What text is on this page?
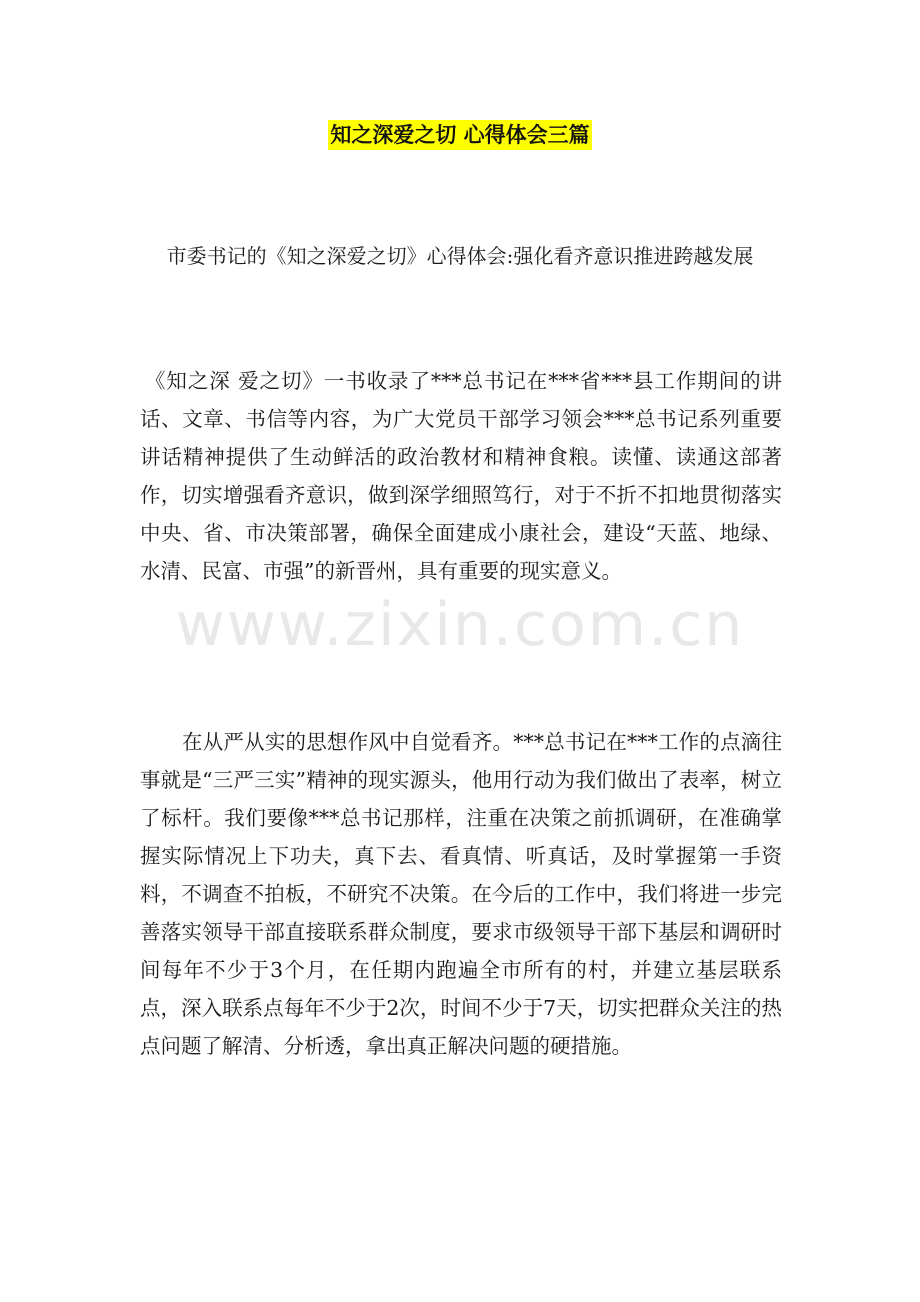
知之深爱之切 心得体会三篇
市委书记的《知之深爱之切》心得体会:强化看齐意识推进跨越发展

《知之深 爱之切》一书收录了***总书记在***省***县工作期间的讲话、文章、书信等内容，为广大党员干部学习领会***总书记系列重要讲话精神提供了生动鲜活的政治教材和精神食粮。读懂、读通这部著作，切实增强看齐意识，做到深学细照笃行，对于不折不扣地贯彻落实中央、省、市决策部署，确保全面建成小康社会，建设“天蓝、地绿、水清、民富、市强”的新晋州，具有重要的现实意义。

www.zixin.com.cn

在从严从实的思想作风中自觉看齐。***总书记在***工作的点滴往事就是“三严三实”精神的现实源头，他用行动为我们做出了表率，树立了标杆。我们要像***总书记那样，注重在决策之前抓调研，在准确掌握实际情况上下功夫，真下去、看真情、听真话，及时掌握第一手资料，不调查不拍板，不研究不决策。在今后的工作中，我们将进一步完善落实领导干部直接联系群众制度，要求市级领导干部下基层和调研时间每年不少于3个月，在任期内跑遍全市所有的村，并建立基层联系点，深入联系点每年不少于2次，时间不少于7天，切实把群众关注的热点问题了解清、分析透，拿出真正解决问题的硬措施。
